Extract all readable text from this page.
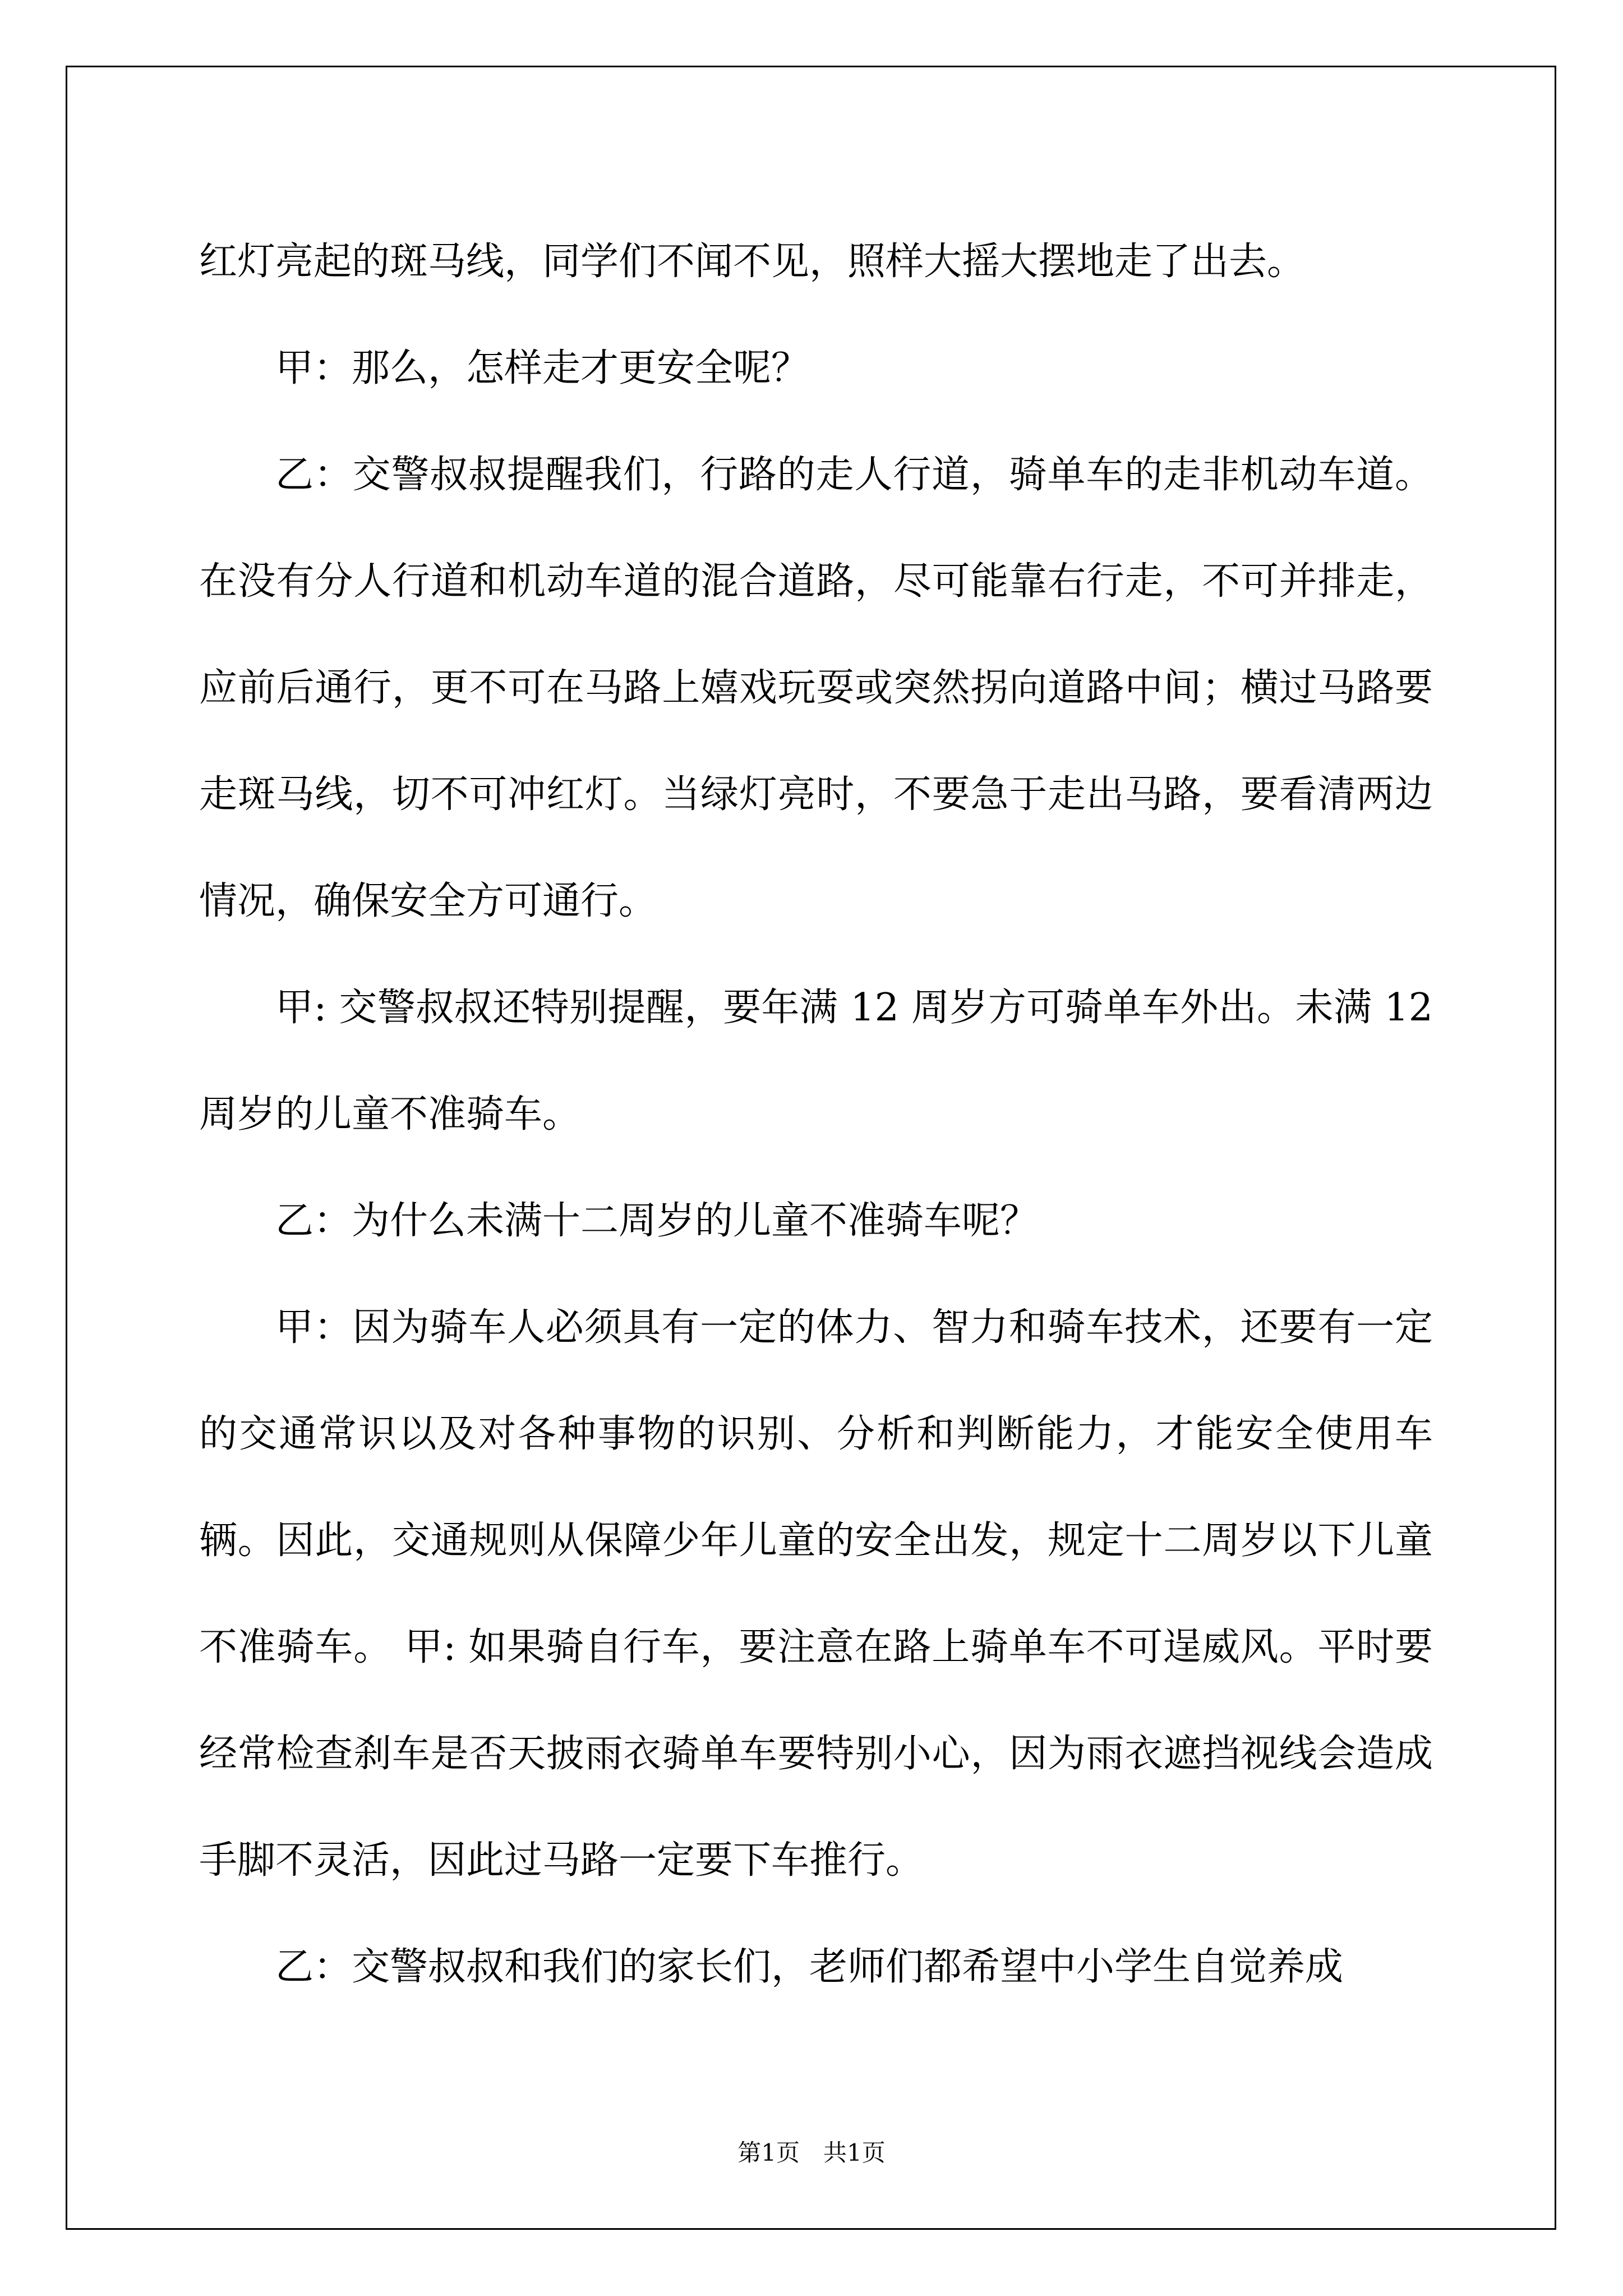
红灯亮起的斑马线，同学们不闻不见，照样大摇大摆地走了出去。

甲：那么，怎样走才更安全呢？

乙：交警叔叔提醒我们，行路的走人行道，骑单车的走非机动车道。在没有分人行道和机动车道的混合道路，尽可能靠右行走，不可并排走，应前后通行，更不可在马路上嬉戏玩耍或突然拐向道路中间；横过马路要走斑马线，切不可冲红灯。当绿灯亮时，不要急于走出马路，要看清两边情况，确保安全方可通行。

甲: 交警叔叔还特别提醒，要年满 12 周岁方可骑单车外出。未满 12 周岁的儿童不准骑车。

乙：为什么未满十二周岁的儿童不准骑车呢？

甲：因为骑车人必须具有一定的体力、智力和骑车技术，还要有一定的交通常识以及对各种事物的识别、分析和判断能力，才能安全使用车辆。因此，交通规则从保障少年儿童的安全出发，规定十二周岁以下儿童不准骑车。 甲: 如果骑自行车，要注意在路上骑单车不可逞威风。平时要经常检查刹车是否天披雨衣骑单车要特别小心，因为雨衣遮挡视线会造成手脚不灵活，因此过马路一定要下车推行。

乙：交警叔叔和我们的家长们，老师们都希望中小学生自觉养成

第1页　共1页
